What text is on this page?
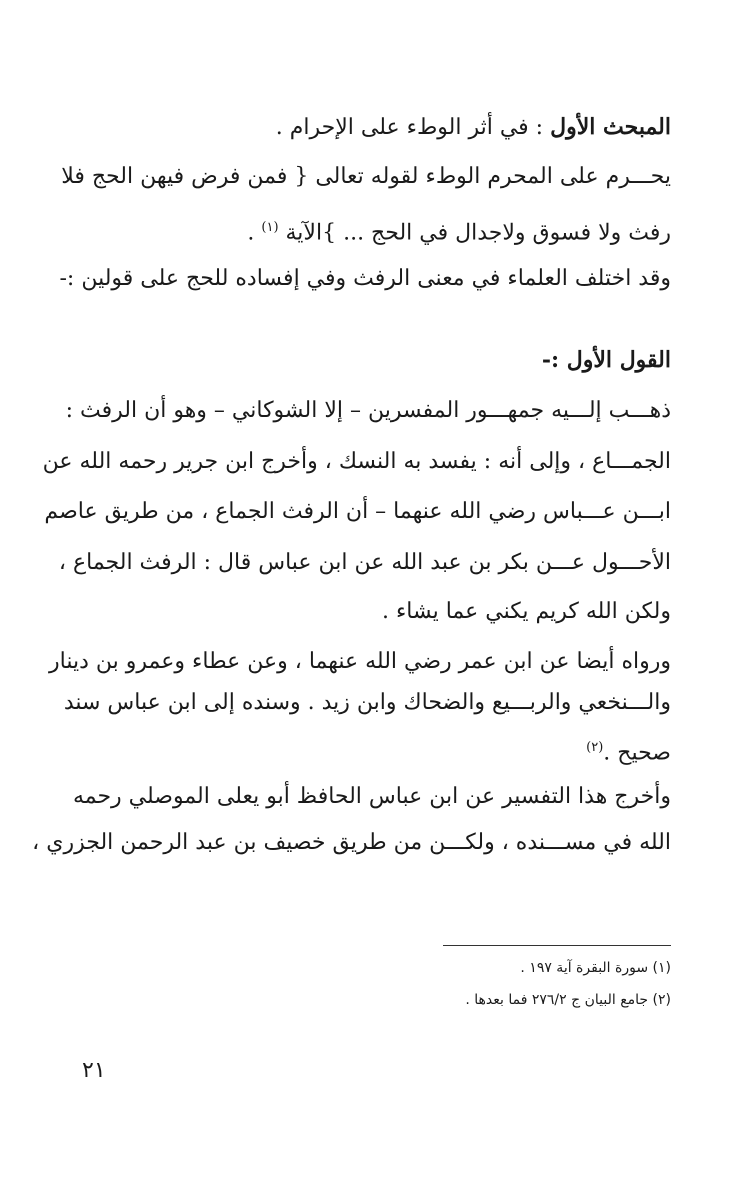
المبحث الأول : في أثر الوطء على الإحرام .
يحـــرم على المحرم الوطء لقوله تعالى { فمن فرض فيهن الحج فلا
رفث ولا فسوق ولاجدال في الحج ... }الآية $^{(١)}$ .
وقد اختلف العلماء في معنى الرفث وفي إفساده للحج على قولين :-
القول الأول :-
ذهـــب إلـــيه جمهـــور المفسرين – إلا الشوكاني – وهو أن الرفث :
الجمـــاع ، وإلى أنه : يفسد به النسك ، وأخرج ابن جرير رحمه الله عن
ابـــن عـــباس رضي الله عنهما – أن الرفث الجماع ، من طريق عاصم
الأحـــول عـــن بكر بن عبد الله عن ابن عباس قال : الرفث الجماع ،
ولكن الله كريم يكني عما يشاء .
ورواه أيضا عن ابن عمر رضي الله عنهما ، وعن عطاء وعمرو بن دينار
والـــنخعي والربـــيع والضحاك وابن زيد . وسنده إلى ابن عباس سند
صحيح .$^{(٢)}$
وأخرج هذا التفسير عن ابن عباس الحافظ أبو يعلى الموصلي رحمه
الله في مســـنده ، ولكـــن من طريق خصيف بن عبد الرحمن الجزري ،
(١) سورة البقرة آية ١٩٧ .
(٢) جامع البيان ج ٢٧٦/٢ فما بعدها .
٢١
